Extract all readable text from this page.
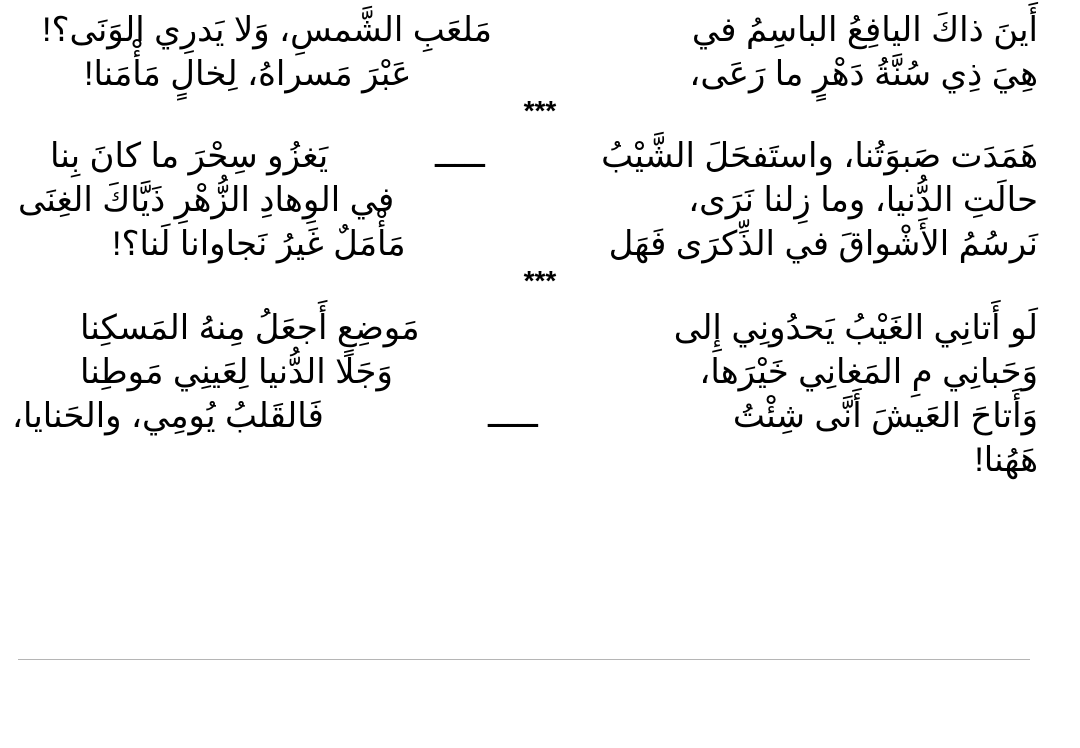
أَينَ ذاكَ اليافِعُ الباسِمُ في
مَلعَبِ الشَّمسِ، وَلا يَدرِي الوَنَى؟!
هِيَ ذِي سُنَّةُ دَهْرٍ ما رَعَى،
عَبْرَ مَسراهُ، لِخالٍ مَأْمَنا!
***
هَمَدَت صَبوَتُنا، واستَفحَلَ الشَّيْبُ
ـــــ
يَغزُو سِحْرَ ما كانَ بِنا
حالَتِ الدُّنيا، وما زِلنا نَرَى،
في الوِهادِ الزُّهْرِ ذَيَّاكَ الغِنَى
نَرسُمُ الأَشْواقَ في الذِّكرَى فَهَل
مَأْمَلٌ غَيرُ نَجاوانا لَنا؟!
***
لَو أَتانِي الغَيْبُ يَحدُونِي إِلى
مَوضِعٍ أَجعَلُ مِنهُ المَسكِنا
وَحَبانِي مِ المَغانِي خَيْرَها،
وَجَلا الدُّنيا لِعَينِي مَوطِنا
وَأَتاحَ العَيشَ أَنَّى شِئْتُ
ـــــ
فَالقَلبُ يُومِي، والحَنايا،
هَهُنا!
